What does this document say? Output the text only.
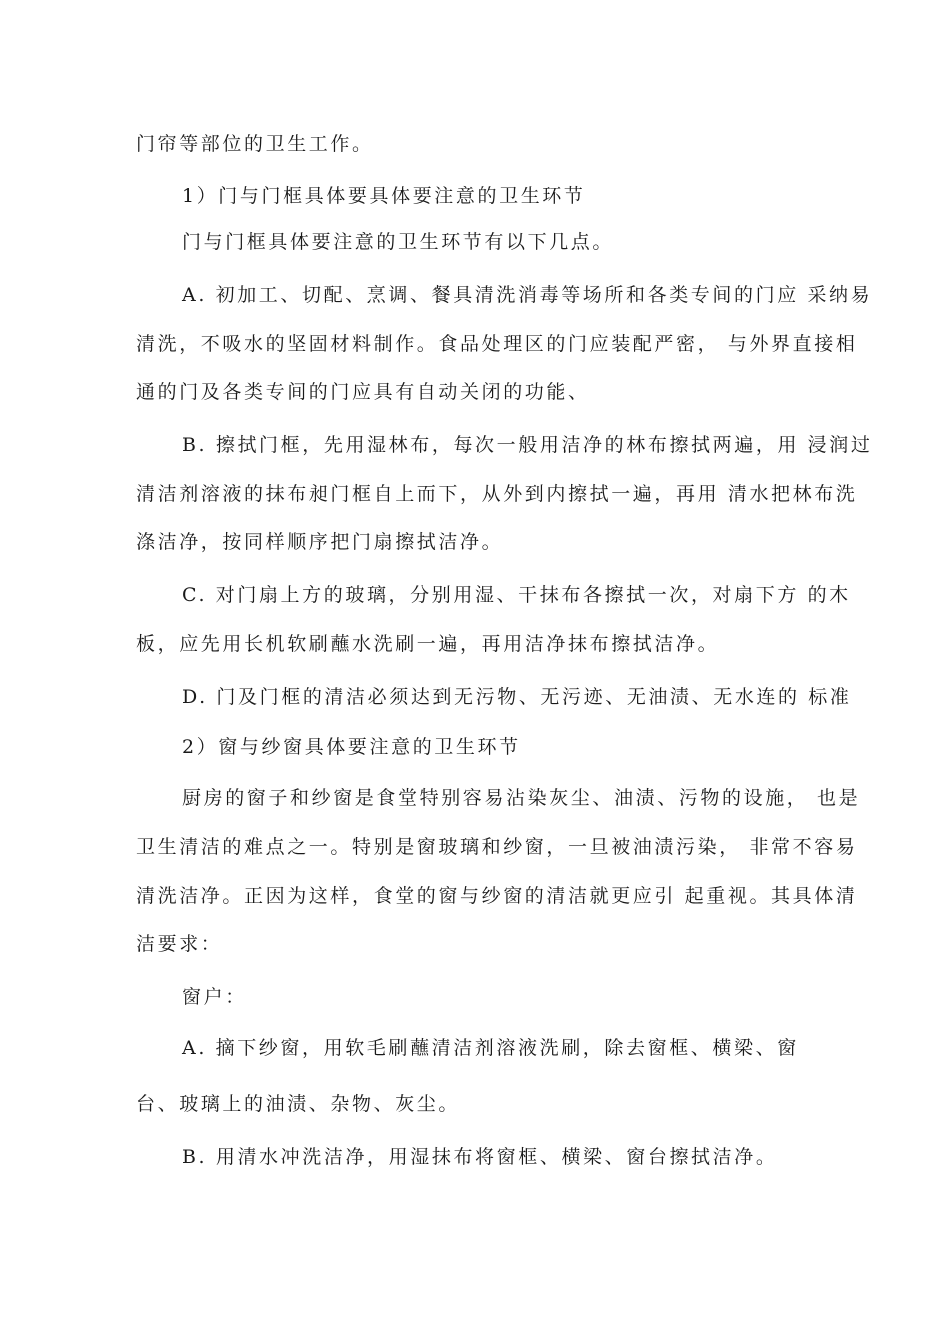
门帘等部位的卫生工作。
1）门与门框具体要具体要注意的卫生环节
门与门框具体要注意的卫生环节有以下几点。
A. 初加工、切配、烹调、餐具清洗消毒等场所和各类专间的门应 采纳易
清洗，不吸水的坚固材料制作。食品处理区的门应装配严密， 与外界直接相
通的门及各类专间的门应具有自动关闭的功能、
B. 擦拭门框，先用湿林布，每次一般用洁净的林布擦拭两遍，用 浸润过
清洁剂溶液的抹布昶门框自上而下，从外到内擦拭一遍，再用 清水把林布洗
涤洁净，按同样顺序把门扇擦拭洁净。
C. 对门扇上方的玻璃，分别用湿、干抹布各擦拭一次，对扇下方 的木
板，应先用长机软刷蘸水洗刷一遍，再用洁净抹布擦拭洁净。
D. 门及门框的清洁必须达到无污物、无污迹、无油渍、无水连的 标准
2）窗与纱窗具体要注意的卫生环节
厨房的窗子和纱窗是食堂特别容易沾染灰尘、油渍、污物的设施， 也是
卫生清洁的难点之一。特别是窗玻璃和纱窗，一旦被油渍污染， 非常不容易
清洗洁净。正因为这样，食堂的窗与纱窗的清洁就更应引 起重视。其具体清
洁要求：
窗户：
A. 摘下纱窗，用软毛刷蘸清洁剂溶液洗刷，除去窗框、横梁、窗
台、玻璃上的油渍、杂物、灰尘。
B. 用清水冲洗洁净，用湿抹布将窗框、横梁、窗台擦拭洁净。
